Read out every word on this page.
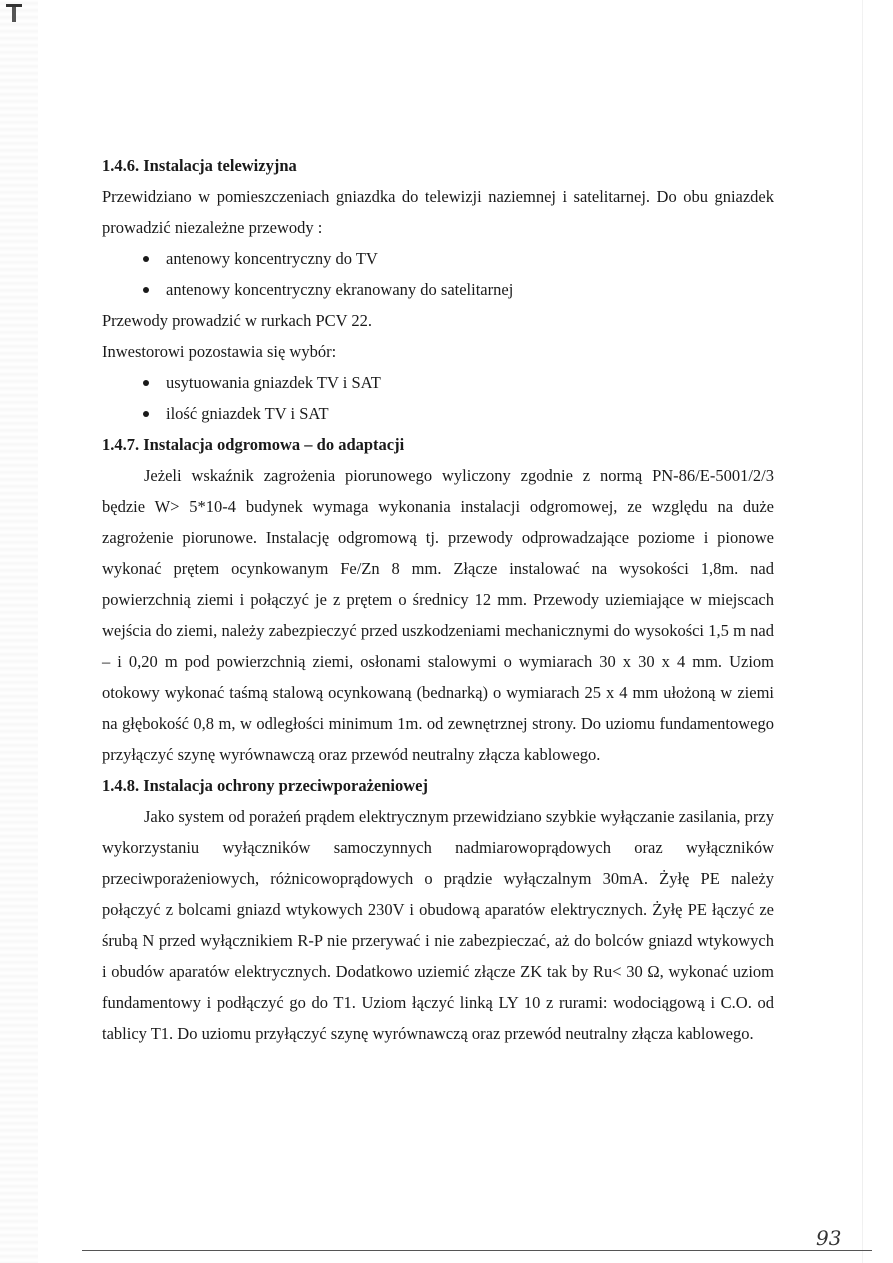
1.4.6. Instalacja telewizyjna

Przewidziano w pomieszczeniach gniazdka do telewizji naziemnej i satelitarnej. Do obu gniazdek prowadzić niezależne przewody :

antenowy koncentryczny do TV
antenowy koncentryczny ekranowany do satelitarnej

Przewody prowadzić w rurkach PCV 22.

Inwestorowi pozostawia się wybór:

usytuowania gniazdek TV i SAT
ilość gniazdek TV i SAT

1.4.7. Instalacja odgromowa – do adaptacji

Jeżeli wskaźnik zagrożenia piorunowego wyliczony zgodnie z normą PN-86/E-5001/2/3 będzie W> 5*10-4 budynek wymaga wykonania instalacji odgromowej, ze względu na duże zagrożenie piorunowe. Instalację odgromową tj. przewody odprowadzające poziome i pionowe wykonać prętem ocynkowanym Fe/Zn 8 mm. Złącze instalować na wysokości 1,8m. nad powierzchnią ziemi i połączyć je z prętem o średnicy 12 mm. Przewody uziemiające w miejscach wejścia do ziemi, należy zabezpieczyć przed uszkodzeniami mechanicznymi do wysokości 1,5 m nad – i 0,20 m pod powierzchnią ziemi, osłonami stalowymi o wymiarach 30 x 30 x 4 mm. Uziom otokowy wykonać taśmą stalową ocynkowaną (bednarką) o wymiarach 25 x 4 mm ułożoną w ziemi na głębokość 0,8 m, w odległości minimum 1m. od zewnętrznej strony. Do uziomu fundamentowego przyłączyć szynę wyrównawczą oraz przewód neutralny złącza kablowego.

1.4.8. Instalacja ochrony przeciwporażeniowej

Jako system od porażeń prądem elektrycznym przewidziano szybkie wyłączanie zasilania, przy wykorzystaniu wyłączników samoczynnych nadmiarowoprądowych oraz wyłączników przeciwporażeniowych, różnicowoprądowych o prądzie wyłączalnym 30mA. Żyłę PE należy połączyć z bolcami gniazd wtykowych 230V i obudową aparatów elektrycznych. Żyłę PE łączyć ze śrubą N przed wyłącznikiem R-P nie przerywać i nie zabezpieczać, aż do bolców gniazd wtykowych i obudów aparatów elektrycznych. Dodatkowo uziemić złącze ZK tak by Ru< 30 Ω, wykonać uziom fundamentowy i podłączyć go do T1. Uziom łączyć linką LY 10 z rurami: wodociągową i C.O. od tablicy T1. Do uziomu przyłączyć szynę wyrównawczą oraz przewód neutralny złącza kablowego.

93
